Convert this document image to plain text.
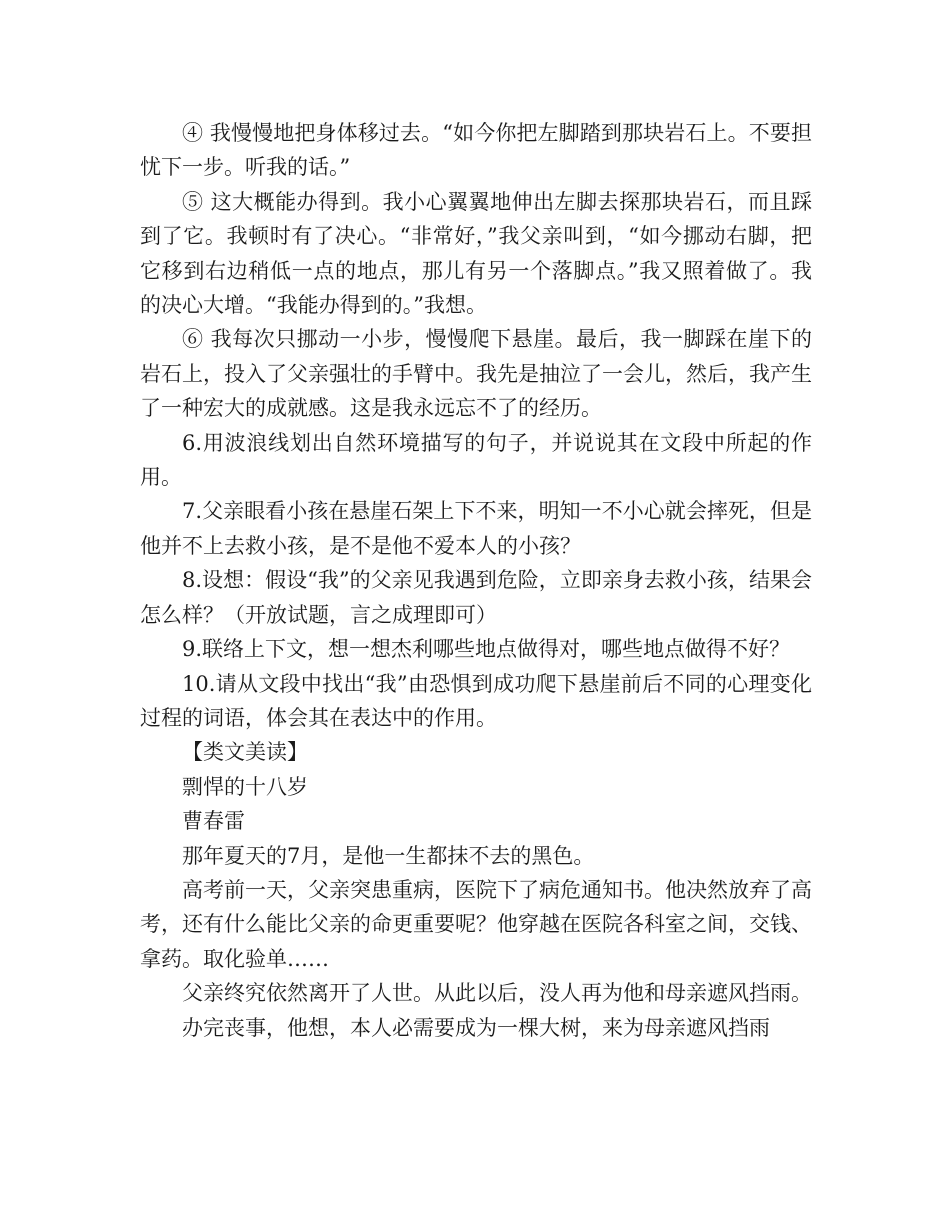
④ 我慢慢地把身体移过去。“如今你把左脚踏到那块岩石上。不要担忧下一步。听我的话。”

⑤ 这大概能办得到。我小心翼翼地伸出左脚去探那块岩石，而且踩到了它。我顿时有了决心。“非常好，”我父亲叫到，“如今挪动右脚，把它移到右边稍低一点的地点，那儿有另一个落脚点。”我又照着做了。我的决心大增。“我能办得到的。”我想。

⑥ 我每次只挪动一小步，慢慢爬下悬崖。最后，我一脚踩在崖下的岩石上，投入了父亲强壮的手臂中。我先是抽泣了一会儿，然后，我产生了一种宏大的成就感。这是我永远忘不了的经历。

6.用波浪线划出自然环境描写的句子，并说说其在文段中所起的作用。

7.父亲眼看小孩在悬崖石架上下不来，明知一不小心就会摔死，但是他并不上去救小孩，是不是他不爱本人的小孩？

8.设想：假设“我”的父亲见我遇到危险，立即亲身去救小孩，结果会怎么样？（开放试题，言之成理即可）

9.联络上下文，想一想杰利哪些地点做得对，哪些地点做得不好？

10.请从文段中找出“我”由恐惧到成功爬下悬崖前后不同的心理变化过程的词语，体会其在表达中的作用。

【类文美读】

剽悍的十八岁

曹春雷

那年夏天的7月，是他一生都抹不去的黑色。

高考前一天，父亲突患重病，医院下了病危通知书。他决然放弃了高考，还有什么能比父亲的命更重要呢？他穿越在医院各科室之间，交钱、拿药。取化验单……

父亲终究依然离开了人世。从此以后，没人再为他和母亲遮风挡雨。

办完丧事，他想，本人必需要成为一棵大树，来为母亲遮风挡雨
